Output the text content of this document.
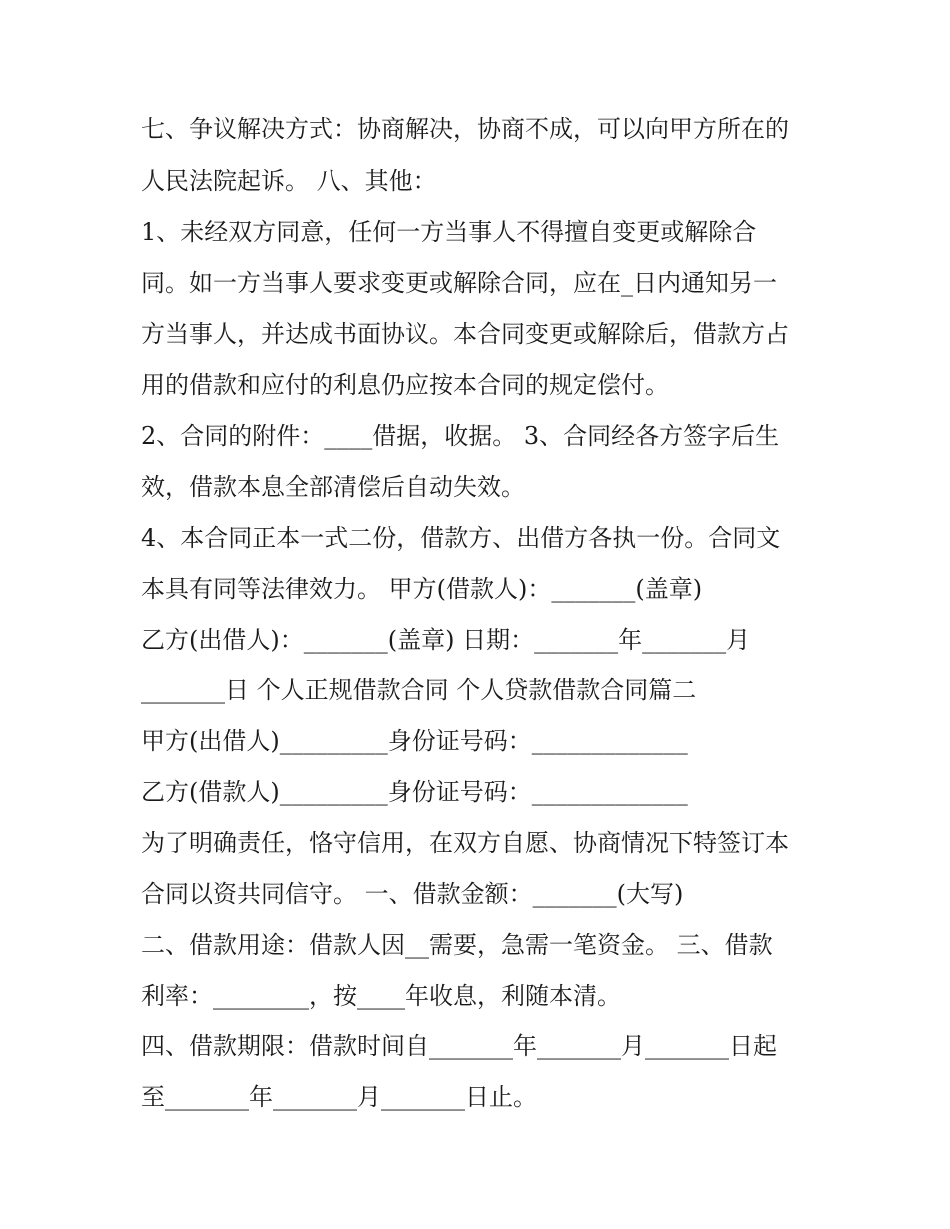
七、争议解决方式：协商解决，协商不成，可以向甲方所在的
人民法院起诉。 八、其他：
1、未经双方同意，任何一方当事人不得擅自变更或解除合
同。如一方当事人要求变更或解除合同，应在_日内通知另一
方当事人，并达成书面协议。本合同变更或解除后，借款方占
用的借款和应付的利息仍应按本合同的规定偿付。
2、合同的附件：____借据，收据。 3、合同经各方签字后生
效，借款本息全部清偿后自动失效。
4、本合同正本一式二份，借款方、出借方各执一份。合同文
本具有同等法律效力。 甲方(借款人)：_______(盖章)
乙方(出借人)：_______(盖章) 日期：_______年_______月
_______日 个人正规借款合同 个人贷款借款合同篇二
甲方(出借人)_________身份证号码：_____________
乙方(借款人)_________身份证号码：_____________
为了明确责任，恪守信用，在双方自愿、协商情况下特签订本
合同以资共同信守。 一、借款金额：_______(大写)
二、借款用途：借款人因__需要，急需一笔资金。 三、借款
利率：________，按____年收息，利随本清。
四、借款期限：借款时间自_______年_______月_______日起
至_______年_______月_______日止。
